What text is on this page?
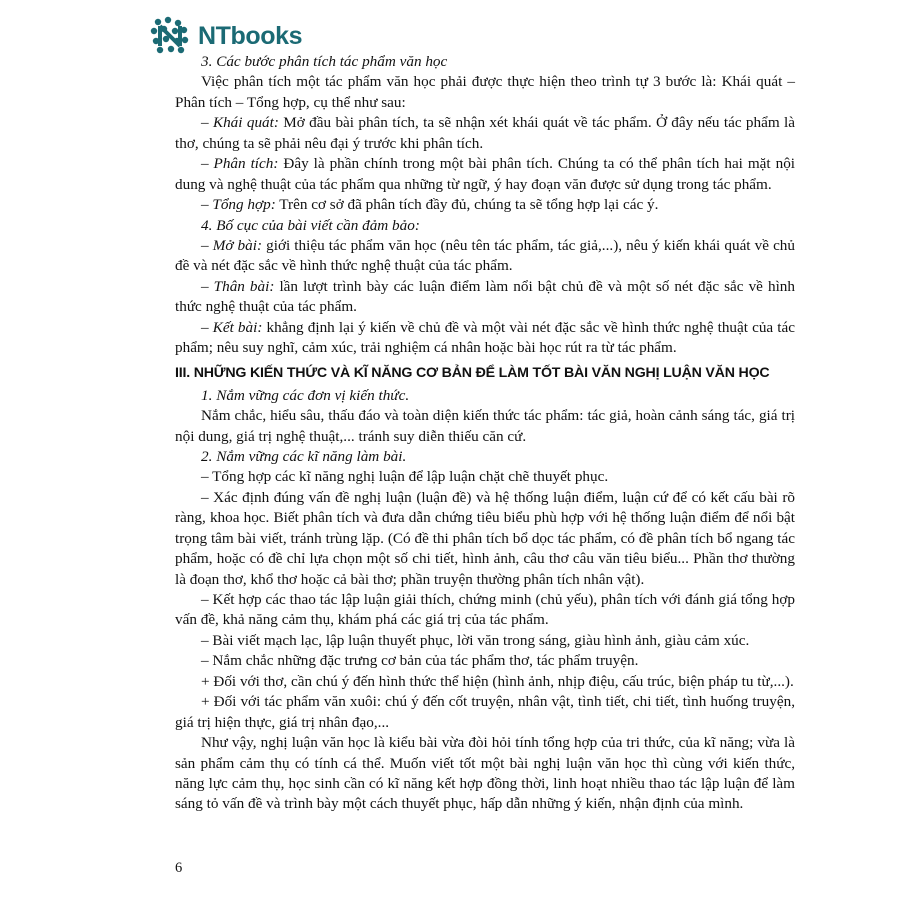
NTbooks

3. Các bước phân tích tác phẩm văn học

Việc phân tích một tác phẩm văn học phải được thực hiện theo trình tự 3 bước là: Khái quát – Phân tích – Tổng hợp, cụ thể như sau:

– Khái quát: Mở đầu bài phân tích, ta sẽ nhận xét khái quát về tác phẩm. Ở đây nếu tác phẩm là thơ, chúng ta sẽ phải nêu đại ý trước khi phân tích.

– Phân tích: Đây là phần chính trong một bài phân tích. Chúng ta có thể phân tích hai mặt nội dung và nghệ thuật của tác phẩm qua những từ ngữ, ý hay đoạn văn được sử dụng trong tác phẩm.

– Tổng hợp: Trên cơ sở đã phân tích đầy đủ, chúng ta sẽ tổng hợp lại các ý.

4. Bố cục của bài viết cần đảm bảo:

– Mở bài: giới thiệu tác phẩm văn học (nêu tên tác phẩm, tác giả,...), nêu ý kiến khái quát về chủ đề và nét đặc sắc về hình thức nghệ thuật của tác phẩm.

– Thân bài: lần lượt trình bày các luận điểm làm nổi bật chủ đề và một số nét đặc sắc về hình thức nghệ thuật của tác phẩm.

– Kết bài: khẳng định lại ý kiến về chủ đề và một vài nét đặc sắc về hình thức nghệ thuật của tác phẩm; nêu suy nghĩ, cảm xúc, trải nghiệm cá nhân hoặc bài học rút ra từ tác phẩm.

III. NHỮNG KIẾN THỨC VÀ KĨ NĂNG CƠ BẢN ĐỂ LÀM TỐT BÀI VĂN NGHỊ LUẬN VĂN HỌC

1. Nắm vững các đơn vị kiến thức.

Nắm chắc, hiểu sâu, thấu đáo và toàn diện kiến thức tác phẩm: tác giả, hoàn cảnh sáng tác, giá trị nội dung, giá trị nghệ thuật,... tránh suy diễn thiếu căn cứ.

2. Nắm vững các kĩ năng làm bài.

– Tổng hợp các kĩ năng nghị luận để lập luận chặt chẽ thuyết phục.

– Xác định đúng vấn đề nghị luận (luận đề) và hệ thống luận điểm, luận cứ để có kết cấu bài rõ ràng, khoa học. Biết phân tích và đưa dẫn chứng tiêu biểu phù hợp với hệ thống luận điểm để nổi bật trọng tâm bài viết, tránh trùng lặp. (Có đề thi phân tích bổ dọc tác phẩm, có đề phân tích bổ ngang tác phẩm, hoặc có đề chỉ lựa chọn một số chi tiết, hình ảnh, câu thơ câu văn tiêu biểu... Phần thơ thường là đoạn thơ, khổ thơ hoặc cả bài thơ; phần truyện thường phân tích nhân vật).

– Kết hợp các thao tác lập luận giải thích, chứng minh (chủ yếu), phân tích với đánh giá tổng hợp vấn đề, khả năng cảm thụ, khám phá các giá trị của tác phẩm.

– Bài viết mạch lạc, lập luận thuyết phục, lời văn trong sáng, giàu hình ảnh, giàu cảm xúc.

– Nắm chắc những đặc trưng cơ bản của tác phẩm thơ, tác phẩm truyện.

+ Đối với thơ, cần chú ý đến hình thức thể hiện (hình ảnh, nhịp điệu, cấu trúc, biện pháp tu từ,...).

+ Đối với tác phẩm văn xuôi: chú ý đến cốt truyện, nhân vật, tình tiết, chi tiết, tình huống truyện, giá trị hiện thực, giá trị nhân đạo,...

Như vậy, nghị luận văn học là kiểu bài vừa đòi hỏi tính tổng hợp của tri thức, của kĩ năng; vừa là sản phẩm cảm thụ có tính cá thể. Muốn viết tốt một bài nghị luận văn học thì cùng với kiến thức, năng lực cảm thụ, học sinh cần có kĩ năng kết hợp đồng thời, linh hoạt nhiều thao tác lập luận để làm sáng tỏ vấn đề và trình bày một cách thuyết phục, hấp dẫn những ý kiến, nhận định của mình.

6
